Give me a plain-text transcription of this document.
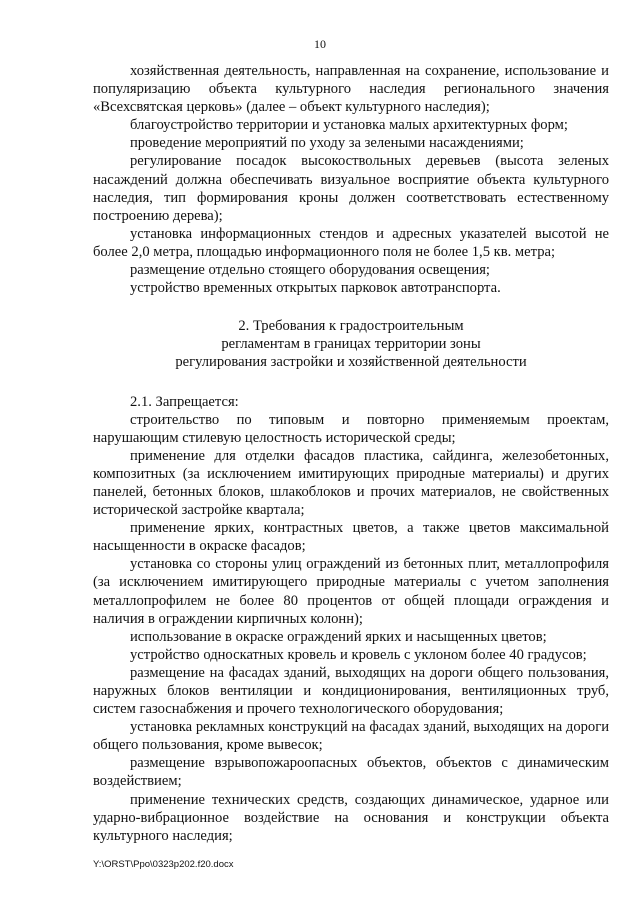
10

хозяйственная деятельность, направленная на сохранение, использование и популяризацию объекта культурного наследия регионального значения «Всехсвятская церковь» (далее – объект культурного наследия);

благоустройство территории и установка малых архитектурных форм;

проведение мероприятий по уходу за зелеными насаждениями;

регулирование посадок высокоствольных деревьев (высота зеленых насаждений должна обеспечивать визуальное восприятие объекта культурного наследия, тип формирования кроны должен соответствовать естественному построению дерева);

установка информационных стендов и адресных указателей высотой не более 2,0 метра, площадью информационного поля не более 1,5 кв. метра;

размещение отдельно стоящего оборудования освещения;

устройство временных открытых парковок автотранспорта.

2. Требования к градостроительным
регламентам в границах территории зоны
регулирования застройки и хозяйственной деятельности

2.1. Запрещается:

строительство по типовым и повторно применяемым проектам, нарушающим стилевую целостность исторической среды;

применение для отделки фасадов пластика, сайдинга, железобетонных, композитных (за исключением имитирующих природные материалы) и других панелей, бетонных блоков, шлакоблоков и прочих материалов, не свойственных исторической застройке квартала;

применение ярких, контрастных цветов, а также цветов максимальной насыщенности в окраске фасадов;

установка со стороны улиц ограждений из бетонных плит, металлопрофиля (за исключением имитирующего природные материалы с учетом заполнения металлопрофилем не более 80 процентов от общей площади ограждения и наличия в ограждении кирпичных колонн);

использование в окраске ограждений ярких и насыщенных цветов;

устройство односкатных кровель и кровель с уклоном более 40 градусов;

размещение на фасадах зданий, выходящих на дороги общего пользования, наружных блоков вентиляции и кондиционирования, вентиляционных труб, систем газоснабжения и прочего технологического оборудования;

установка рекламных конструкций на фасадах зданий, выходящих на дороги общего пользования, кроме вывесок;

размещение взрывопожароопасных объектов, объектов с динамическим воздействием;

применение технических средств, создающих динамическое, ударное или ударно-вибрационное воздействие на основания и конструкции объекта культурного наследия;

Y:\ORST\Ppo\0323p202.f20.docx
